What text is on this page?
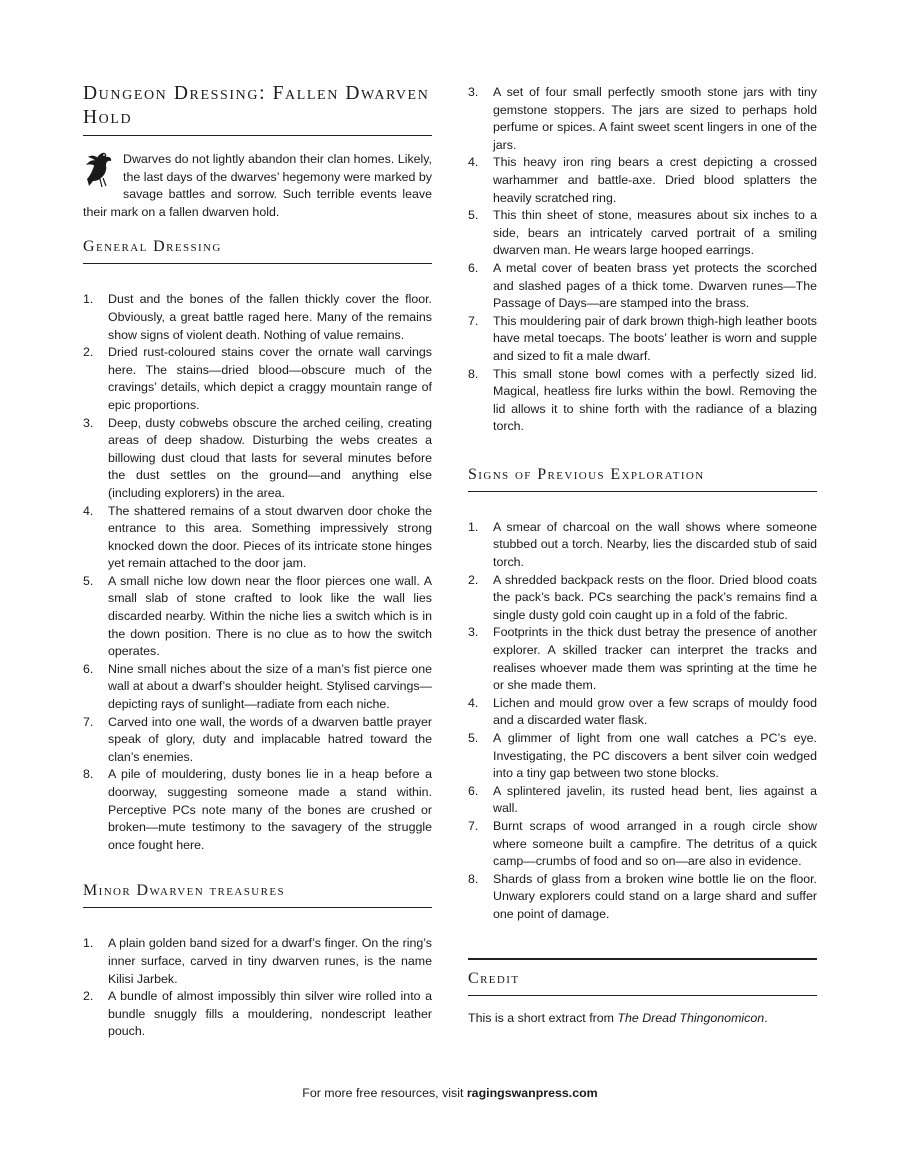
Dungeon Dressing: Fallen Dwarven Hold

Dwarves do not lightly abandon their clan homes. Likely, the last days of the dwarves’ hegemony were marked by savage battles and sorrow. Such terrible events leave their mark on a fallen dwarven hold.

General Dressing
1.	Dust and the bones of the fallen thickly cover the floor. Obviously, a great battle raged here. Many of the remains show signs of violent death. Nothing of value remains.
2.	Dried rust-coloured stains cover the ornate wall carvings here. The stains—dried blood—obscure much of the cravings’ details, which depict a craggy mountain range of epic proportions.
3.	Deep, dusty cobwebs obscure the arched ceiling, creating areas of deep shadow. Disturbing the webs creates a billowing dust cloud that lasts for several minutes before the dust settles on the ground—and anything else (including explorers) in the area.
4.	The shattered remains of a stout dwarven door choke the entrance to this area. Something impressively strong knocked down the door. Pieces of its intricate stone hinges yet remain attached to the door jam.
5.	A small niche low down near the floor pierces one wall. A small slab of stone crafted to look like the wall lies discarded nearby. Within the niche lies a switch which is in the down position. There is no clue as to how the switch operates.
6.	Nine small niches about the size of a man’s fist pierce one wall at about a dwarf’s shoulder height. Stylised carvings—depicting rays of sunlight—radiate from each niche.
7.	Carved into one wall, the words of a dwarven battle prayer speak of glory, duty and implacable hatred toward the clan’s enemies.
8.	A pile of mouldering, dusty bones lie in a heap before a doorway, suggesting someone made a stand within. Perceptive PCs note many of the bones are crushed or broken—mute testimony to the savagery of the struggle once fought here.
Minor Dwarven treasures
1.	A plain golden band sized for a dwarf’s finger. On the ring’s inner surface, carved in tiny dwarven runes, is the name Kilisi Jarbek.
2.	A bundle of almost impossibly thin silver wire rolled into a bundle snuggly fills a mouldering, nondescript leather pouch.
3.	A set of four small perfectly smooth stone jars with tiny gemstone stoppers. The jars are sized to perhaps hold perfume or spices. A faint sweet scent lingers in one of the jars.
4.	This heavy iron ring bears a crest depicting a crossed warhammer and battle-axe. Dried blood splatters the heavily scratched ring.
5.	This thin sheet of stone, measures about six inches to a side, bears an intricately carved portrait of a smiling dwarven man. He wears large hooped earrings.
6.	A metal cover of beaten brass yet protects the scorched and slashed pages of a thick tome. Dwarven runes—The Passage of Days—are stamped into the brass.
7.	This mouldering pair of dark brown thigh-high leather boots have metal toecaps. The boots’ leather is worn and supple and sized to fit a male dwarf.
8.	This small stone bowl comes with a perfectly sized lid. Magical, heatless fire lurks within the bowl. Removing the lid allows it to shine forth with the radiance of a blazing torch.
Signs of Previous Exploration
1.	A smear of charcoal on the wall shows where someone stubbed out a torch. Nearby, lies the discarded stub of said torch.
2.	A shredded backpack rests on the floor. Dried blood coats the pack’s back. PCs searching the pack’s remains find a single dusty gold coin caught up in a fold of the fabric.
3.	Footprints in the thick dust betray the presence of another explorer. A skilled tracker can interpret the tracks and realises whoever made them was sprinting at the time he or she made them.
4.	Lichen and mould grow over a few scraps of mouldy food and a discarded water flask.
5.	A glimmer of light from one wall catches a PC’s eye. Investigating, the PC discovers a bent silver coin wedged into a tiny gap between two stone blocks.
6.	A splintered javelin, its rusted head bent, lies against a wall.
7.	Burnt scraps of wood arranged in a rough circle show where someone built a campfire. The detritus of a quick camp—crumbs of food and so on—are also in evidence.
8.	Shards of glass from a broken wine bottle lie on the floor. Unwary explorers could stand on a large shard and suffer one point of damage.
Credit

This is a short extract from The Dread Thingonomicon.

For more free resources, visit ragingswanpress.com
